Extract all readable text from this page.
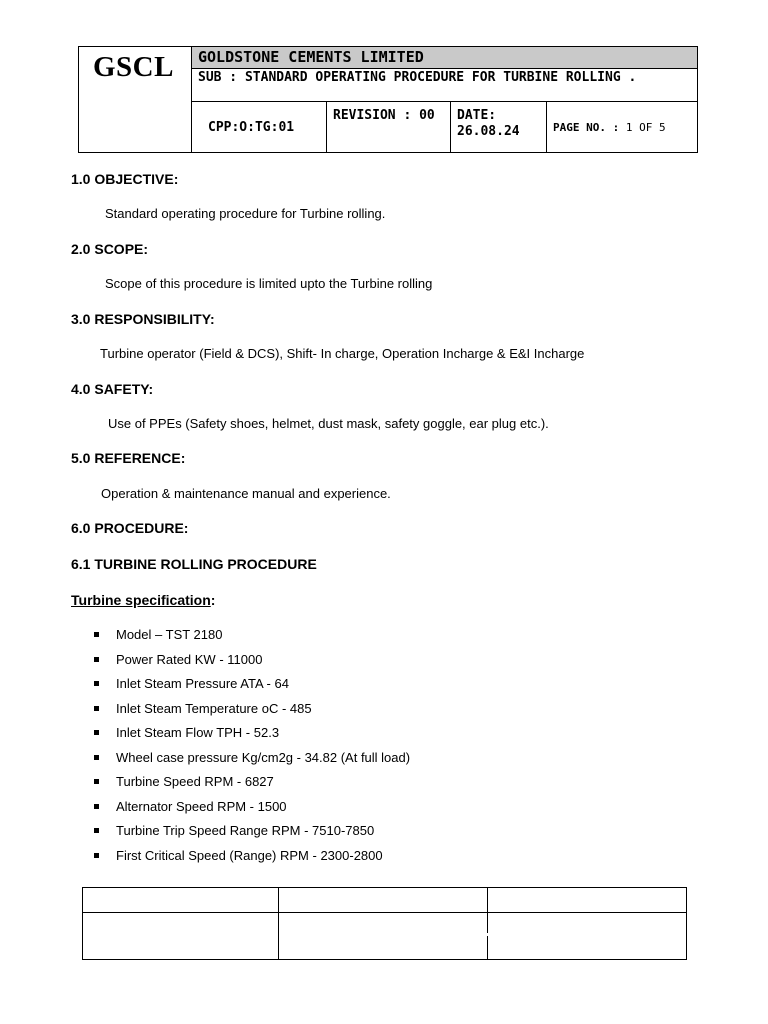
GSCL GOLDSTONE CEMENTS LIMITED
SUB : STANDARD OPERATING PROCEDURE FOR TURBINE ROLLING .
CPP:O:TG:01
REVISION : 00 DATE: 26.08.24	PAGE NO. : 1 OF 5
1.0 OBJECTIVE:
Standard operating procedure for Turbine rolling.
2.0 SCOPE:
Scope of this procedure is limited upto the Turbine rolling
3.0 RESPONSIBILITY:
Turbine operator (Field & DCS), Shift- In charge, Operation Incharge & E&I Incharge
4.0 SAFETY:
Use of PPEs (Safety shoes, helmet, dust mask, safety goggle, ear plug etc.).
5.0 REFERENCE:
Operation & maintenance manual and experience.
6.0 PROCEDURE:
6.1 TURBINE ROLLING PROCEDURE
Turbine specification:
Model – TST 2180
Power Rated KW - 11000
Inlet Steam Pressure ATA - 64
Inlet Steam Temperature oC - 485
Inlet Steam Flow TPH - 52.3
Wheel case pressure Kg/cm2g - 34.82 (At full load)
Turbine Speed RPM - 6827
Alternator Speed RPM - 1500
Turbine Trip Speed Range RPM - 7510-7850
First Critical Speed (Range) RPM - 2300-2800
